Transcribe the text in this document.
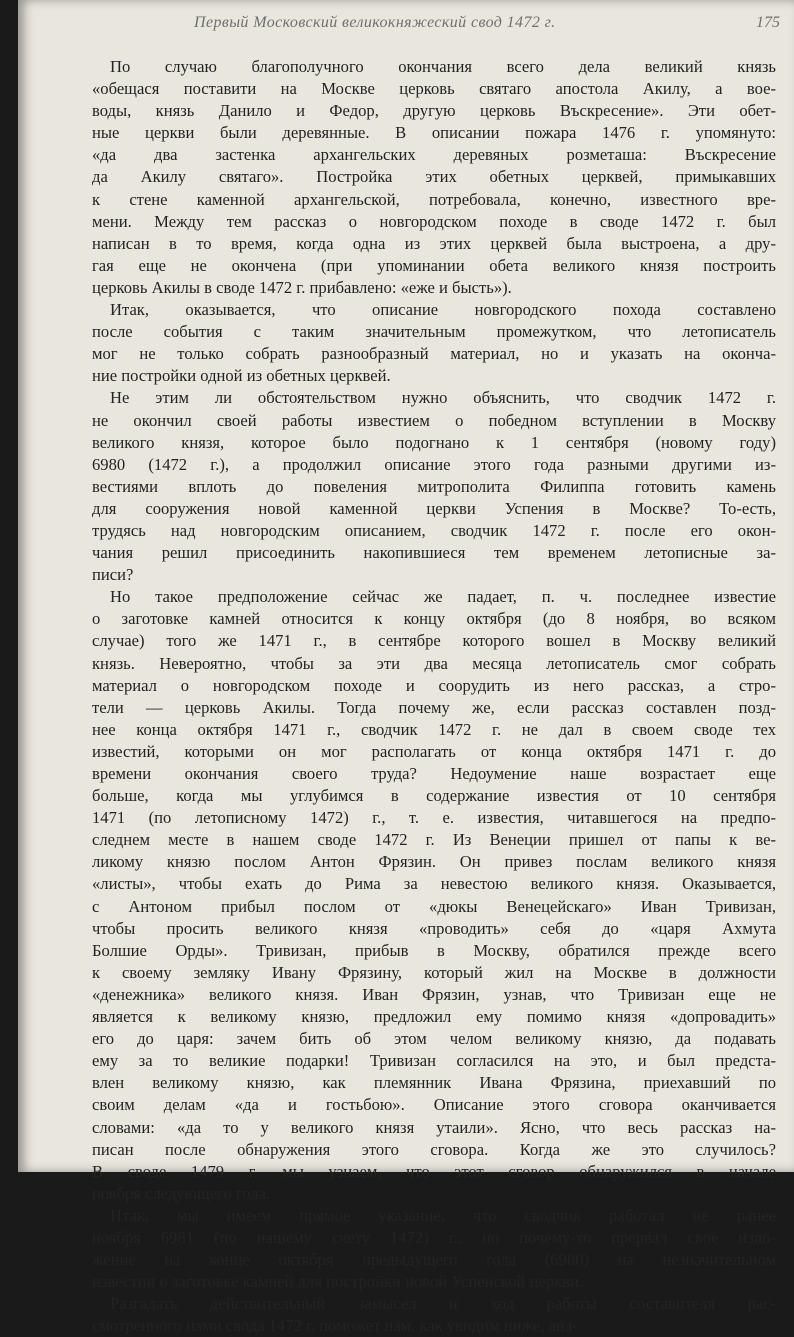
Первый Московский великокняжеский свод 1472 г.	175
По случаю благополучного окончания всего дела великий князь
«обещася поставити на Москве церковь святаго апостола Акилу, а вое-
воды, князь Данило и Федор, другую церковь Въскресение». Эти обет-
ные церкви были деревянные. В описании пожара 1476 г. упомянуто:
«да два застенка архангельских деревяных розметаша: Въскресение
да Акилу святаго». Постройка этих обетных церквей, примыкавших
к стене каменной архангельской, потребовала, конечно, известного вре-
мени. Между тем рассказ о новгородском походе в своде 1472 г. был
написан в то время, когда одна из этих церквей была выстроена, а дру-
гая еще не окончена (при упоминании обета великого князя построить
церковь Акилы в своде 1472 г. прибавлено: «еже и бысть»).
Итак, оказывается, что описание новгородского похода составлено
после события с таким значительным промежутком, что летописатель
мог не только собрать разнообразный материал, но и указать на оконча-
ние постройки одной из обетных церквей.
Не этим ли обстоятельством нужно объяснить, что сводчик 1472 г.
не окончил своей работы известием о победном вступлении в Москву
великого князя, которое было подогнано к 1 сентября (новому году)
6980 (1472 г.), а продолжил описание этого года разными другими из-
вестиями вплоть до повеления митрополита Филиппа готовить камень
для сооружения новой каменной церкви Успения в Москве? То-есть,
трудясь над новгородским описанием, сводчик 1472 г. после его окон-
чания решил присоединить накопившиеся тем временем летописные за-
писи?
Но такое предположение сейчас же падает, п. ч. последнее известие
о заготовке камней относится к концу октября (до 8 ноября, во всяком
случае) того же 1471 г., в сентябре которого вошел в Москву великий
князь. Невероятно, чтобы за эти два месяца летописатель смог собрать
материал о новгородском походе и соорудить из него рассказ, а стро-
тели — церковь Акилы. Тогда почему же, если рассказ составлен позд-
нее конца октября 1471 г., сводчик 1472 г. не дал в своем своде тех
известий, которыми он мог располагать от конца октября 1471 г. до
времени окончания своего труда? Недоумение наше возрастает еще
больше, когда мы углубимся в содержание известия от 10 сентября
1471 (по летописному 1472) г., т. е. известия, читавшегося на предпо-
следнем месте в нашем своде 1472 г. Из Венеции пришел от папы к ве-
ликому князю послом Антон Фрязин. Он привез послам великого князя
«листы», чтобы ехать до Рима за невестою великого князя. Оказывается,
с Антоном прибыл послом от «дюкы Венецейскаго» Иван Тривизан,
чтобы просить великого князя «проводить» себя до «царя Ахмута
Болшие Орды». Тривизан, прибыв в Москву, обратился прежде всего
к своему земляку Ивану Фрязину, который жил на Москве в должности
«денежника» великого князя. Иван Фрязин, узнав, что Тривизан еще не
является к великому князю, предложил ему помимо князя «допровадить»
его до царя: зачем бить об этом челом великому князю, да подавать
ему за то великие подарки! Тривизан согласился на это, и был предста-
влен великому князю, как племянник Ивана Фрязина, приехавший по
своим делам «да и гостьбою». Описание этого сговора оканчивается
словами: «да то у великого князя утаили». Ясно, что весь рассказ на-
писан после обнаружения этого сговора. Когда же это случилось?
В своде 1479 г. мы узнаем, что этот сговор обнаружился в начале
ноября следующего года.
Итак, мы имеем прямое указание, что сводчик работал не ранее
ноября 6981 (по нашему счету 1472) г., но почему-то прервал свое изло-
жение на конце октября предыдущего года (6980) на незначительном
известии о заготовке камней для постройки новой Успенской церкви.
Разгадать действительный замысел и ход работы составителя рас-
смотренного нами свода 1472 г. поможет нам, как увидим ниже, ана-
